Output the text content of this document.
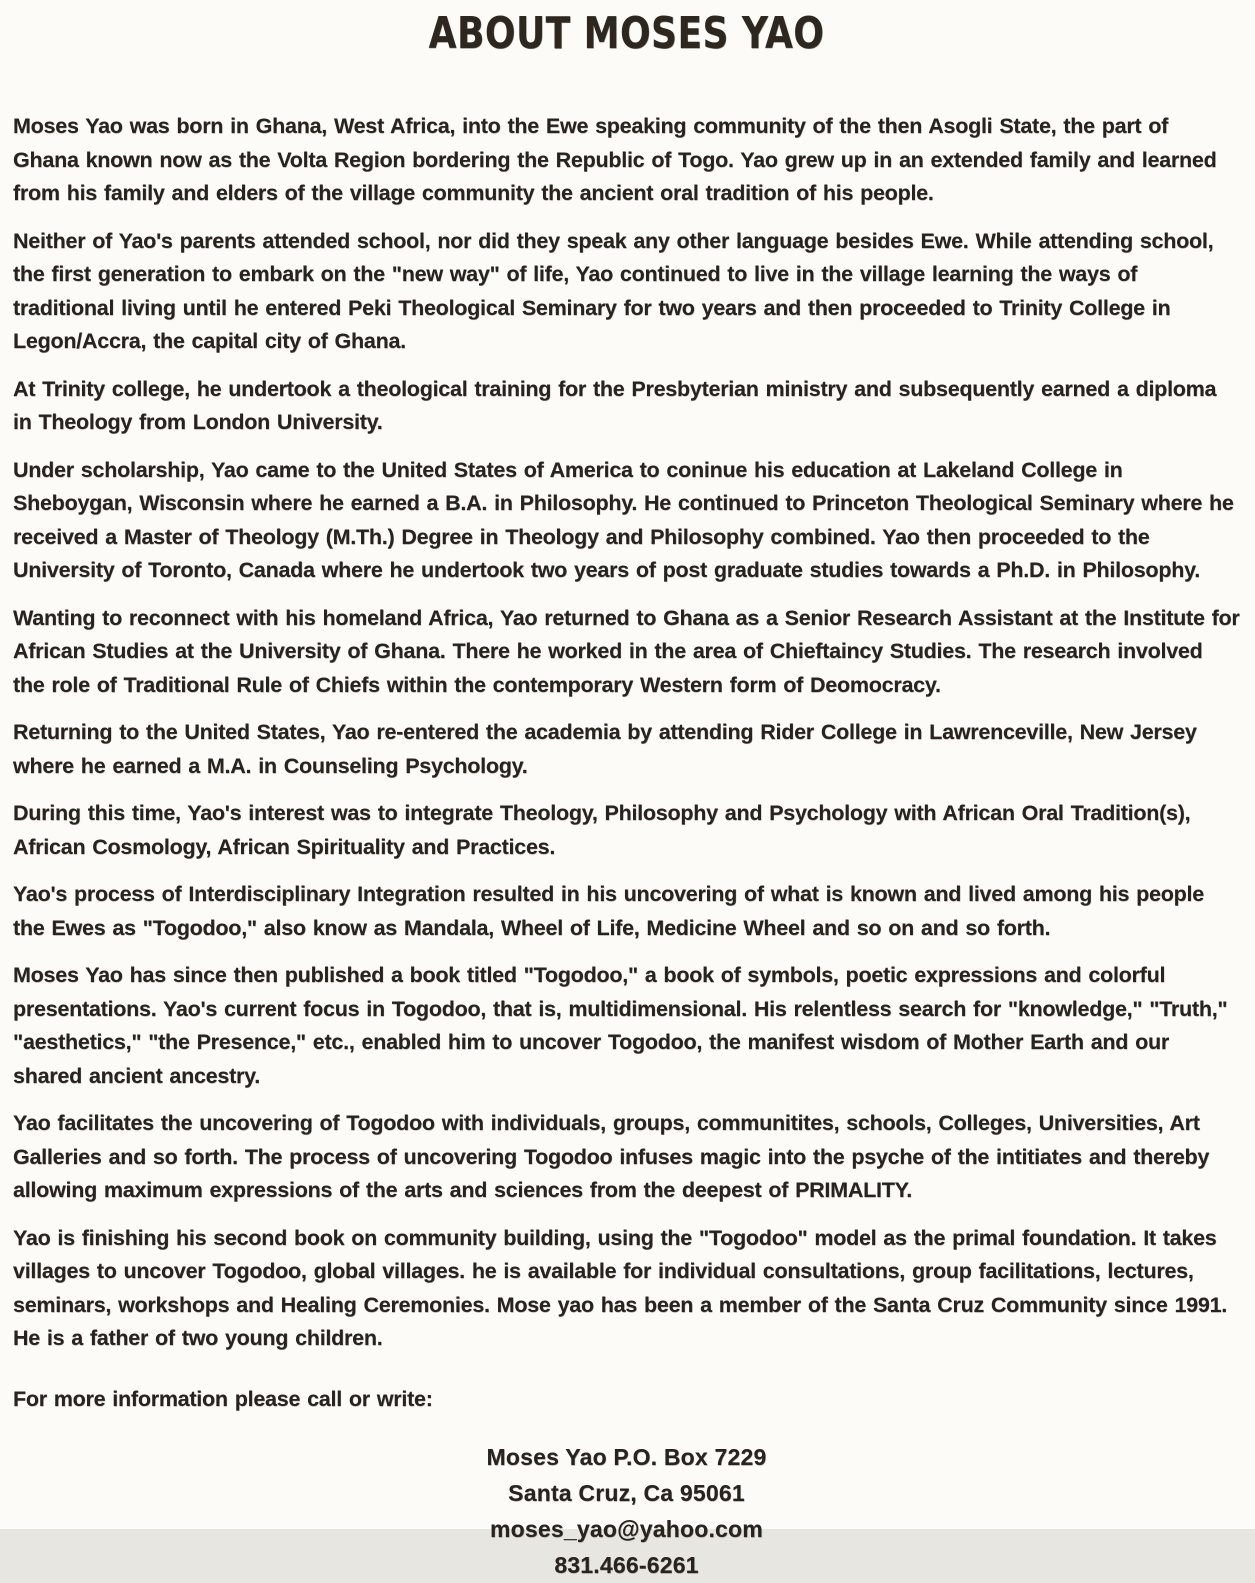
ABOUT MOSES YAO

Moses Yao was born in Ghana, West Africa, into the Ewe speaking community of the then Asogli State, the part of Ghana known now as the Volta Region bordering the Republic of Togo. Yao grew up in an extended family and learned from his family and elders of the village community the ancient oral tradition of his people.

Neither of Yao's parents attended school, nor did they speak any other language besides Ewe. While attending school, the first generation to embark on the "new way" of life, Yao continued to live in the village learning the ways of traditional living until he entered Peki Theological Seminary for two years and then proceeded to Trinity College in Legon/Accra, the capital city of Ghana.

At Trinity college, he undertook a theological training for the Presbyterian ministry and subsequently earned a diploma in Theology from London University.

Under scholarship, Yao came to the United States of America to coninue his education at Lakeland College in Sheboygan, Wisconsin where he earned a B.A. in Philosophy. He continued to Princeton Theological Seminary where he received a Master of Theology (M.Th.) Degree in Theology and Philosophy combined. Yao then proceeded to the University of Toronto, Canada where he undertook two years of post graduate studies towards a Ph.D. in Philosophy.

Wanting to reconnect with his homeland Africa, Yao returned to Ghana as a Senior Research Assistant at the Institute for African Studies at the University of Ghana. There he worked in the area of Chieftaincy Studies. The research involved the role of Traditional Rule of Chiefs within the contemporary Western form of Deomocracy.

Returning to the United States, Yao re-entered the academia by attending Rider College in Lawrenceville, New Jersey where he earned a M.A. in Counseling Psychology.

During this time, Yao's interest was to integrate Theology, Philosophy and Psychology with African Oral Tradition(s), African Cosmology, African Spirituality and Practices.

Yao's process of Interdisciplinary Integration resulted in his uncovering of what is known and lived among his people the Ewes as "Togodoo," also know as Mandala, Wheel of Life, Medicine Wheel and so on and so forth.

Moses Yao has since then published a book titled "Togodoo," a book of symbols, poetic expressions and colorful presentations. Yao's current focus in Togodoo, that is, multidimensional. His relentless search for "knowledge," "Truth," "aesthetics," "the Presence," etc., enabled him to uncover Togodoo, the manifest wisdom of Mother Earth and our shared ancient ancestry.

Yao facilitates the uncovering of Togodoo with individuals, groups, communitites, schools, Colleges, Universities, Art Galleries and so forth. The process of uncovering Togodoo infuses magic into the psyche of the intitiates and thereby allowing maximum expressions of the arts and sciences from the deepest of PRIMALITY.

Yao is finishing his second book on community building, using the "Togodoo" model as the primal foundation. It takes villages to uncover Togodoo, global villages. he is available for individual consultations, group facilitations, lectures, seminars, workshops and Healing Ceremonies. Mose yao has been a member of the Santa Cruz Community since 1991. He is a father of two young children.

For more information please call or write:

Moses Yao P.O. Box 7229
Santa Cruz, Ca 95061
moses_yao@yahoo.com
831.466-6261
